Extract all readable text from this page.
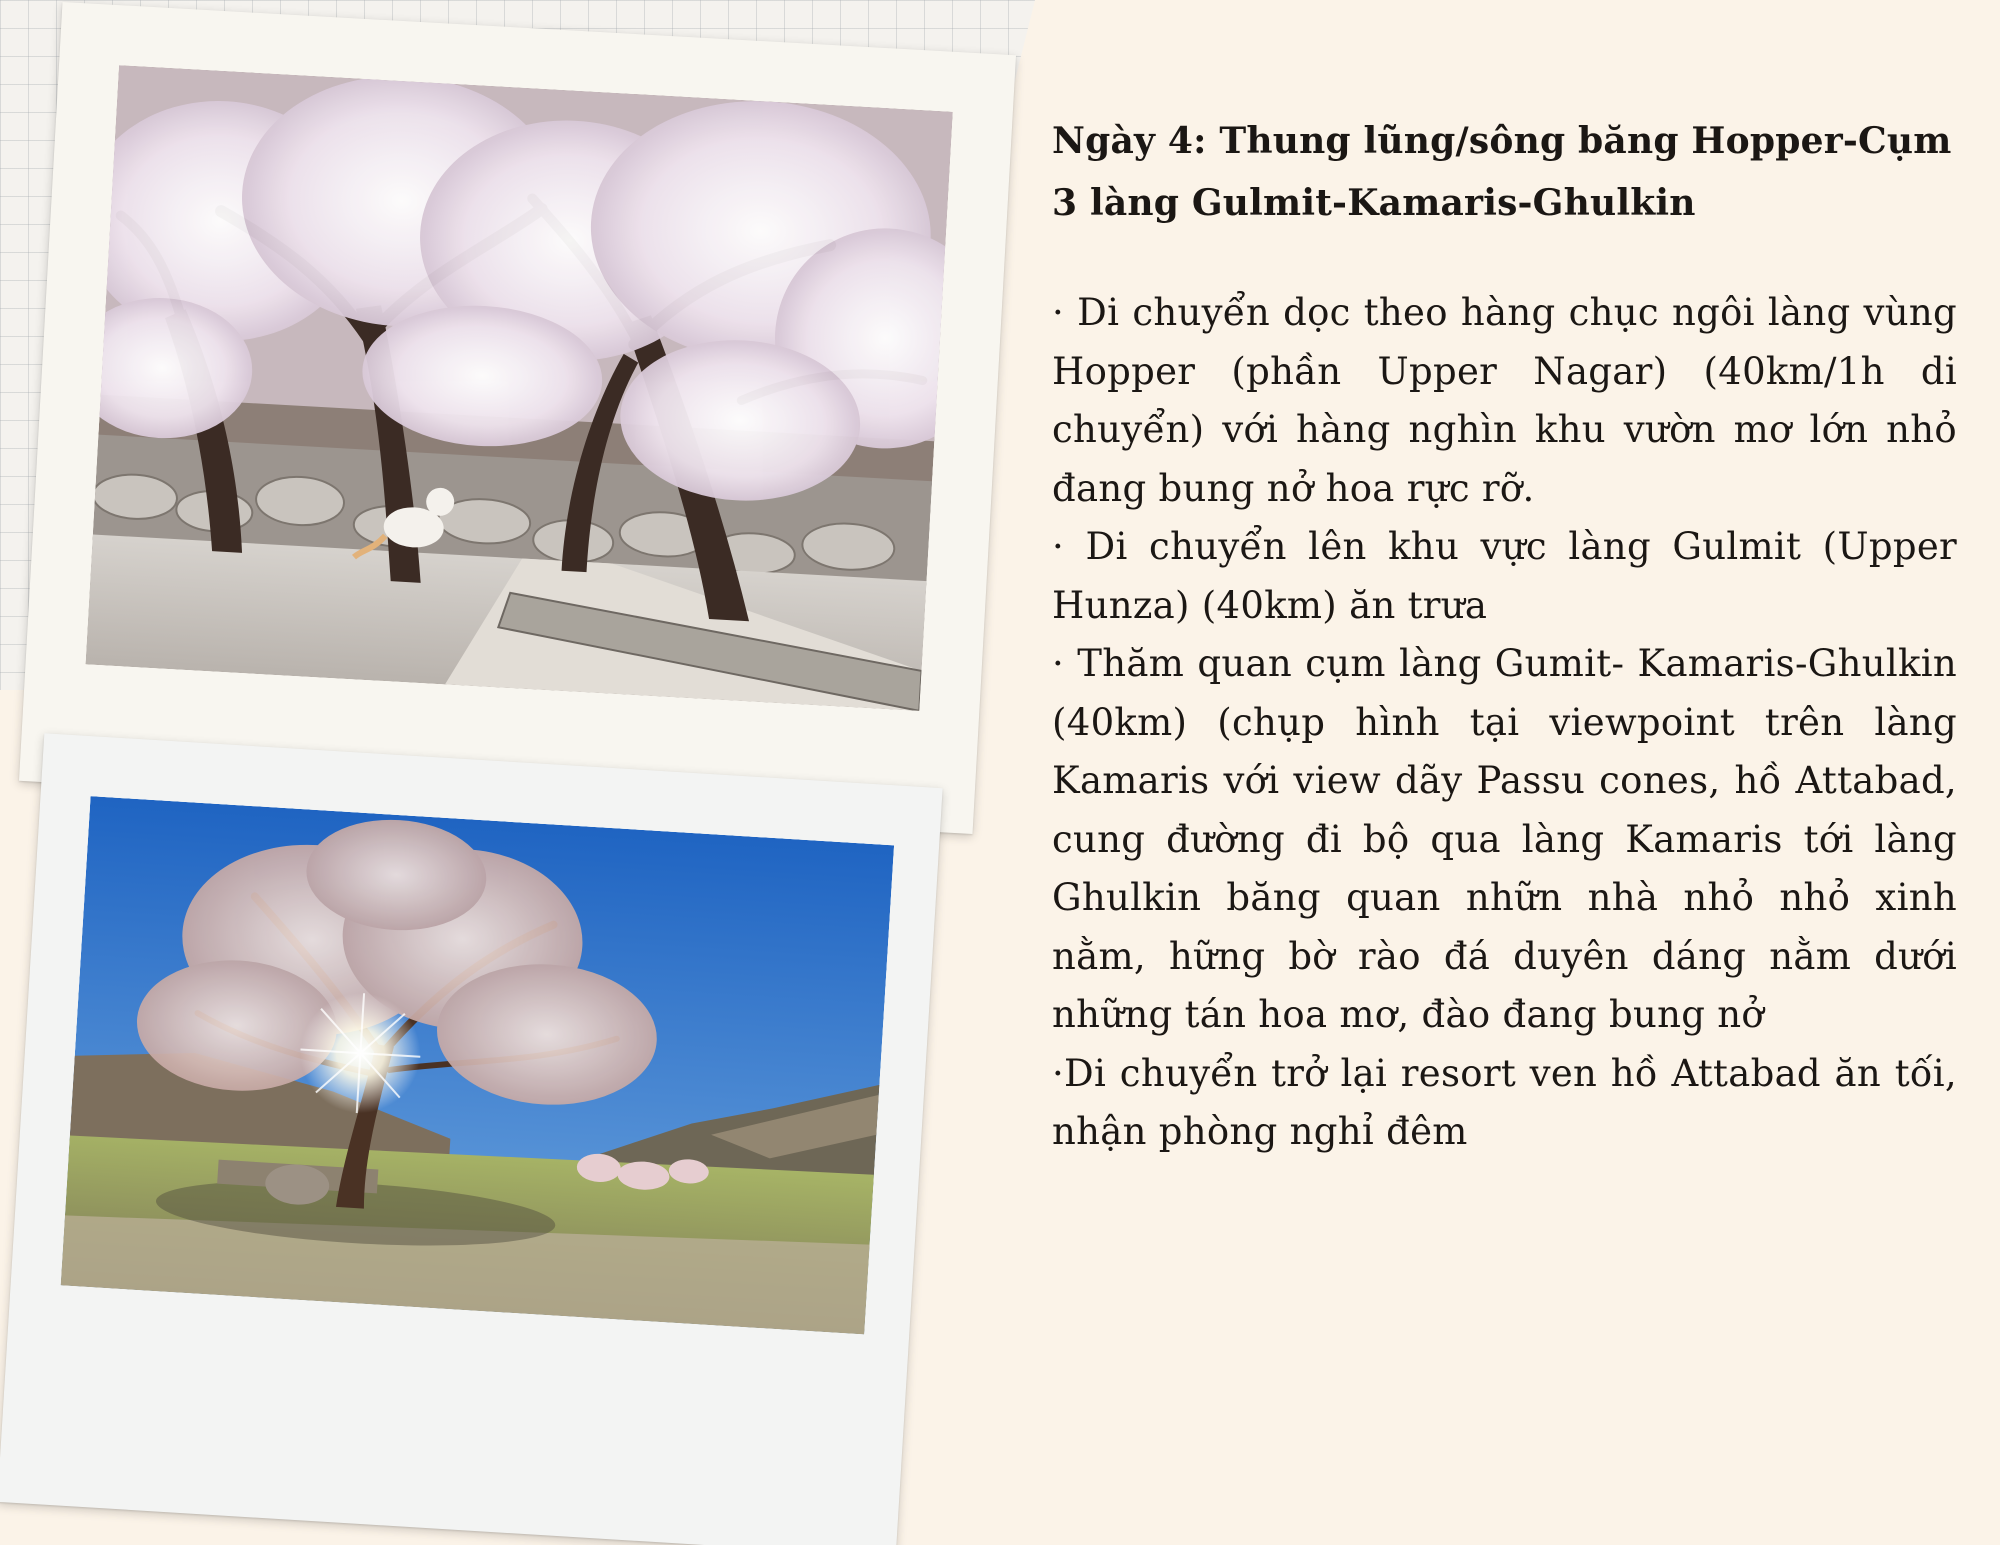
Ngày 4: Thung lũng/sông băng Hopper-Cụm 3 làng Gulmit-Kamaris-Ghulkin

· Di chuyển dọc theo hàng chục ngôi làng vùng Hopper (phần Upper Nagar) (40km/1h di chuyển) với hàng nghìn khu vườn mơ lớn nhỏ đang bung nở hoa rực rỡ.

· Di chuyển lên khu vực làng Gulmit (Upper Hunza) (40km) ăn trưa

· Thăm quan cụm làng Gumit- Kamaris-Ghulkin (40km) (chụp hình tại viewpoint trên làng Kamaris với view dãy Passu cones, hồ Attabad, cung đường đi bộ qua làng Kamaris tới làng Ghulkin băng quan nhữn nhà nhỏ nhỏ xinh nằm, hững bờ rào đá duyên dáng nằm dưới những tán hoa mơ, đào đang bung nở

·Di chuyển trở lại resort ven hồ Attabad ăn tối, nhận phòng nghỉ đêm
